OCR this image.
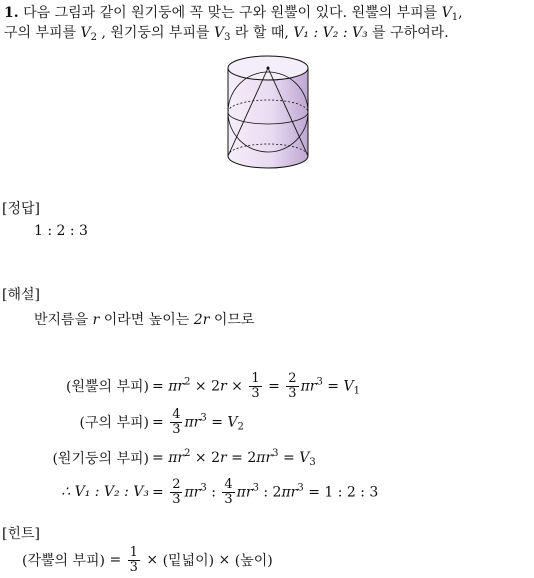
1. 다음 그림과 같이 원기둥에 꼭 맞는 구와 원뿔이 있다. 원뿔의 부피를 $V_1$,
구의 부피를 $V_2$ , 원기둥의 부피를 $V_3$ 라 할 때, V₁ : V₂ : V₃ 를 구하여라.
[정답]
1 : 2 : 3
[해설]
반지름을 r 이라면 높이는 2r 이므로
(원뿔의 부피) = $\pi r^2 \times 2r \times \frac{1}{3} = \frac{2}{3} \pi r^3 = V_1$
(구의 부피) = $\frac{4}{3} \pi r^3 = V_2$
(원기둥의 부피) = $\pi r^2 \times 2r = 2\pi r^3 = V_3$
∴ V₁ : V₂ : $V_3 = \frac{2}{3} \pi r^3$ : $\frac{4}{3} \pi r^3$ : $2\pi r^3 = 1$ : 2 : 3
[힌트]
(각뿔의 부피) = $\frac{1}{3}$ × (밑넓이) × (높이)
